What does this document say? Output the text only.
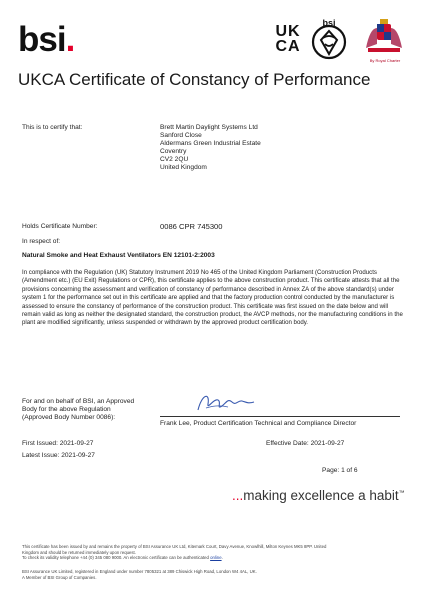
bsi.	UK
CA
bsi
By Royal Charter
UKCA Certificate of Constancy of Performance
This is to certify that:	Brett Martin Daylight Systems Ltd
Sanford Close
Aldermans Green Industrial Estate
Coventry
CV2 2QU
United Kingdom
Holds Certificate Number:	0086 CPR 745300
In respect of:
Natural Smoke and Heat Exhaust Ventilators EN 12101-2:2003
In compliance with the Regulation (UK) Statutory Instrument 2019 No 465 of the United Kingdom Parliament (Construction Products (Amendment etc.) (EU Exit) Regulations or CPR), this certificate applies to the above construction product. This certificate attests that all the provisions concerning the assessment and verification of constancy of performance described in Annex ZA of the above standard(s) under system 1 for the performance set out in this certificate are applied and that the factory production control conducted by the manufacturer is assessed to ensure the constancy of performance of the construction product. This certificate was first issued on the date below and will remain valid as long as neither the designated standard, the construction product, the AVCP methods, nor the manufacturing conditions in the plant are modified significantly, unless suspended or withdrawn by the approved product certification body.
For and on behalf of BSI, an Approved
Body for the above Regulation
(Approved Body Number 0086):
Frank Lee, Product Certification Technical and Compliance Director
First Issued: 2021-09-27	Effective Date: 2021-09-27
Latest Issue: 2021-09-27
Page: 1 of 6
...making excellence a habit™
This certificate has been issued by and remains the property of BSI Assurance UK Ltd, Kitemark Court, Davy Avenue, Knowlhill, Milton Keynes MK5 8PP. United
Kingdom and should be returned immediately upon request.
To check its validity telephone +44 (0) 345 080 9000. An electronic certificate can be authenticated online.
BSI Assurance UK Limited, registered in England under number 7805321 at 389 Chiswick High Road, London W4 4AL, UK.
A Member of BSI Group of Companies.
